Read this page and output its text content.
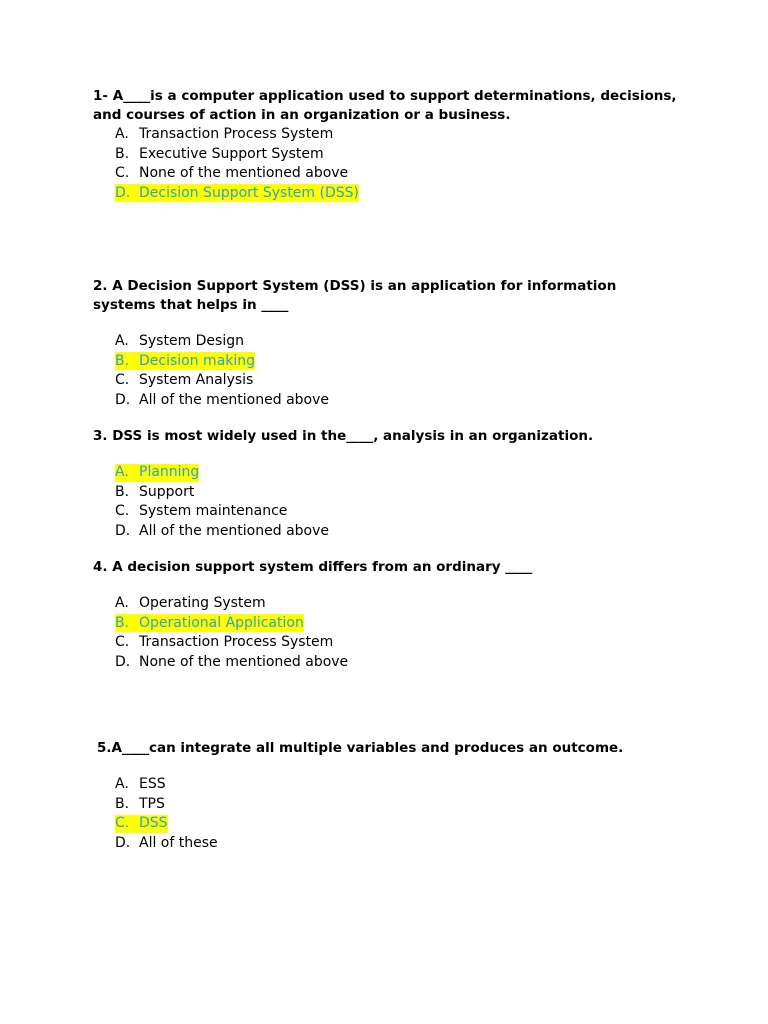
1- A____is a computer application used to support determinations, decisions, and courses of action in an organization or a business.

A. Transaction Process System
B. Executive Support System
C. None of the mentioned above
D. Decision Support System (DSS)

2. A Decision Support System (DSS) is an application for information systems that helps in ____

A. System Design
B. Decision making
C. System Analysis
D. All of the mentioned above

3. DSS is most widely used in the____, analysis in an organization.

A. Planning
B. Support
C. System maintenance
D. All of the mentioned above

4. A decision support system differs from an ordinary ____

A. Operating System
B. Operational Application
C. Transaction Process System
D. None of the mentioned above

5.A____can integrate all multiple variables and produces an outcome.

A. ESS
B. TPS
C. DSS
D. All of these
